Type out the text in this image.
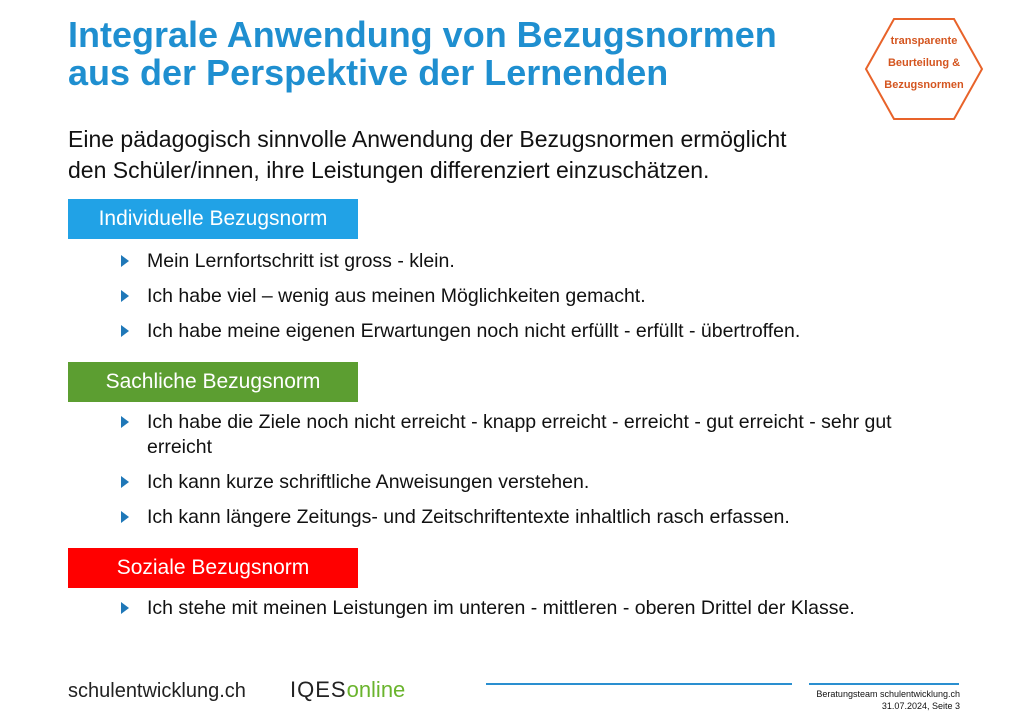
Integrale Anwendung von Bezugsnormen
aus der Perspektive der Lernenden
transparente
Beurteilung &
Bezugsnormen

Eine pädagogisch sinnvolle Anwendung der Bezugsnormen ermöglicht
den Schüler/innen, ihre Leistungen differenziert einzuschätzen.

Individuelle Bezugsnorm
Mein Lernfortschritt ist gross - klein.
Ich habe viel – wenig aus meinen Möglichkeiten gemacht.
Ich habe meine eigenen Erwartungen noch nicht erfüllt - erfüllt - übertroffen.
Sachliche Bezugsnorm
Ich habe die Ziele noch nicht erreicht - knapp erreicht - erreicht - gut erreicht - sehr gut erreicht
Ich kann kurze schriftliche Anweisungen verstehen.
Ich kann längere Zeitungs- und Zeitschriftentexte inhaltlich rasch erfassen.
Soziale Bezugsnorm
Ich stehe mit meinen Leistungen im unteren - mittleren - oberen Drittel der Klasse.
schulentwicklung.ch IQESonline	Beratungsteam schulentwicklung.ch
31.07.2024, Seite 3
